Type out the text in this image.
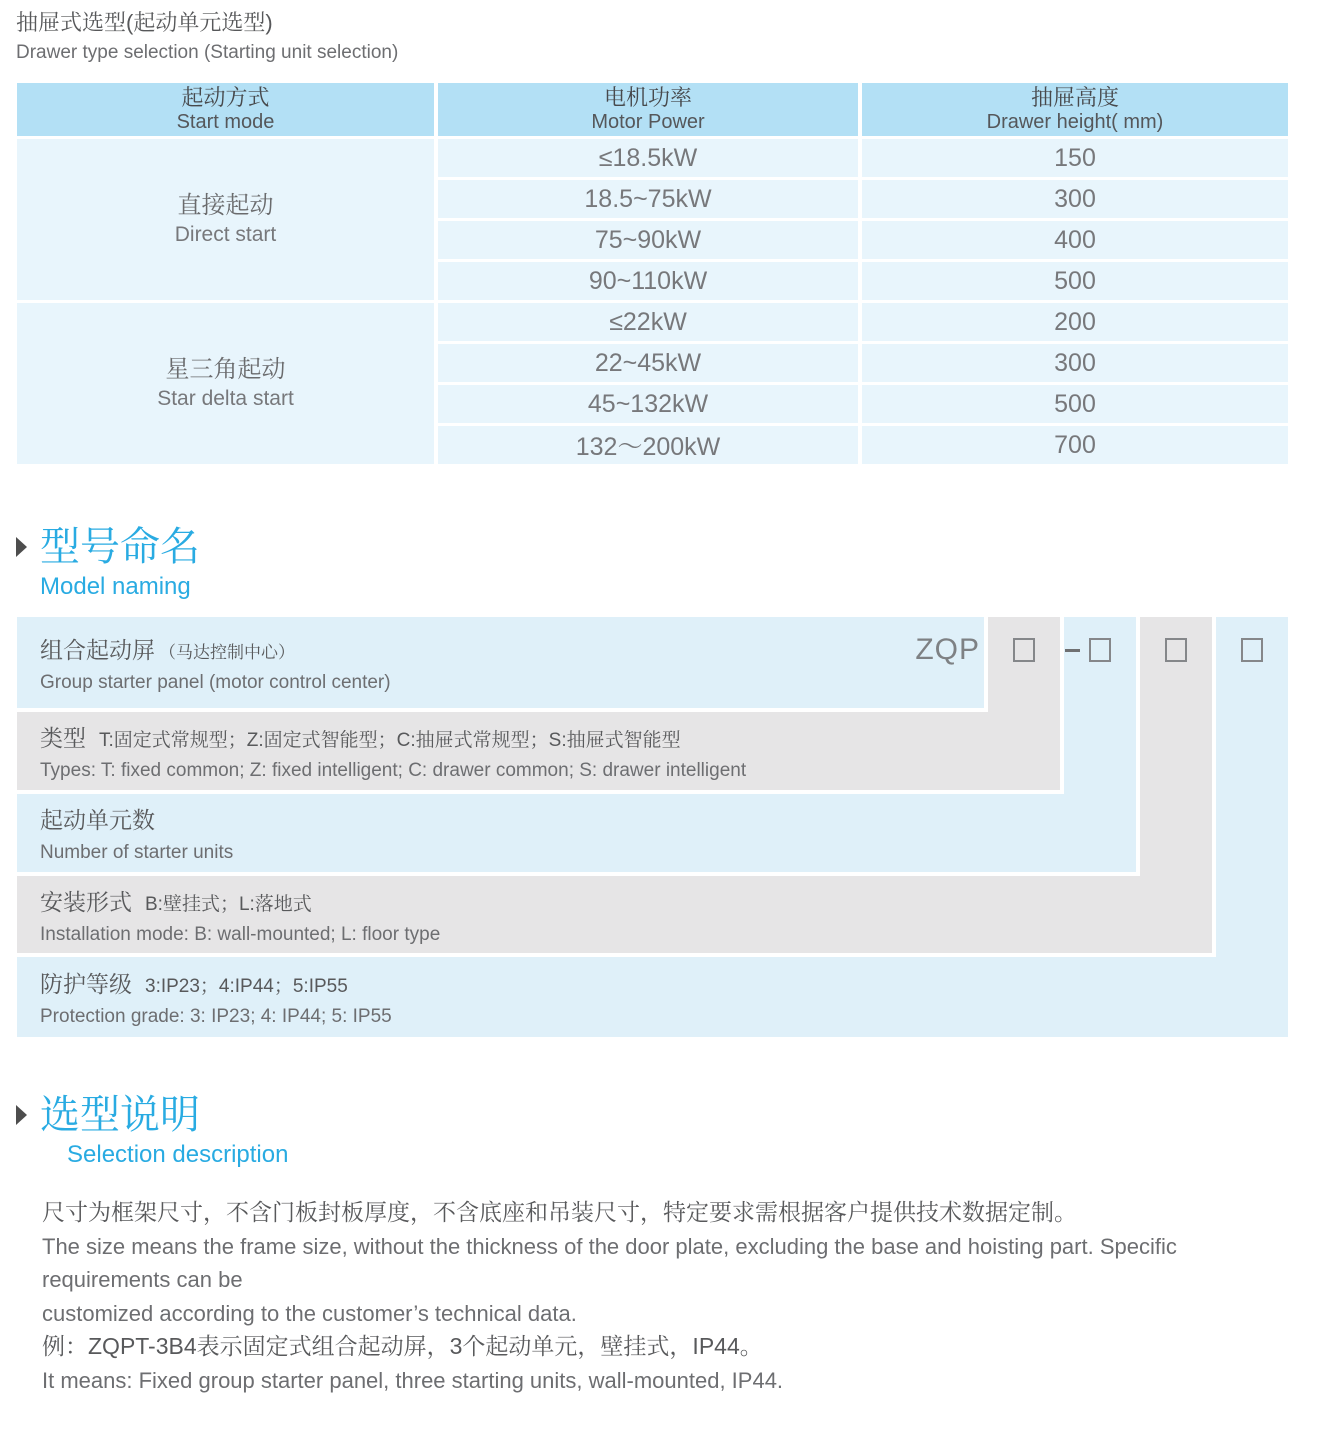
抽屉式选型(起动单元选型)
Drawer type selection (Starting unit selection)
起动方式
Start mode
电机功率
Motor Power
抽屉高度
Drawer height( mm)
直接起动
Direct start
星三角起动
Star delta start
≤18.5kW
18.5~75kW
75~90kW
90~110kW
≤22kW
22~45kW
45~132kW
132～200kW
150
300
400
500
200
300
500
700
型号命名
Model naming
组合起动屏 （马达控制中心）
Group starter panel (motor control center)
ZQP
类型 T:固定式常规型；Z:固定式智能型；C:抽屉式常规型；S:抽屉式智能型
Types: T: fixed common; Z: fixed intelligent; C: drawer common; S: drawer intelligent
起动单元数
Number of starter units
安装形式 B:壁挂式；L:落地式
Installation mode: B: wall-mounted; L: floor type
防护等级 3:IP23；4:IP44；5:IP55
Protection grade: 3: IP23; 4: IP44; 5: IP55
选型说明
Selection description
尺寸为框架尺寸，不含门板封板厚度，不含底座和吊装尺寸，特定要求需根据客户提供技术数据定制。
The size means the frame size, without the thickness of the door plate, excluding the base and hoisting part. Specific requirements can be
customized according to the customer’s technical data.
例：ZQPT-3B4表示固定式组合起动屏，3个起动单元，壁挂式，IP44。
It means: Fixed group starter panel, three starting units, wall-mounted, IP44.
